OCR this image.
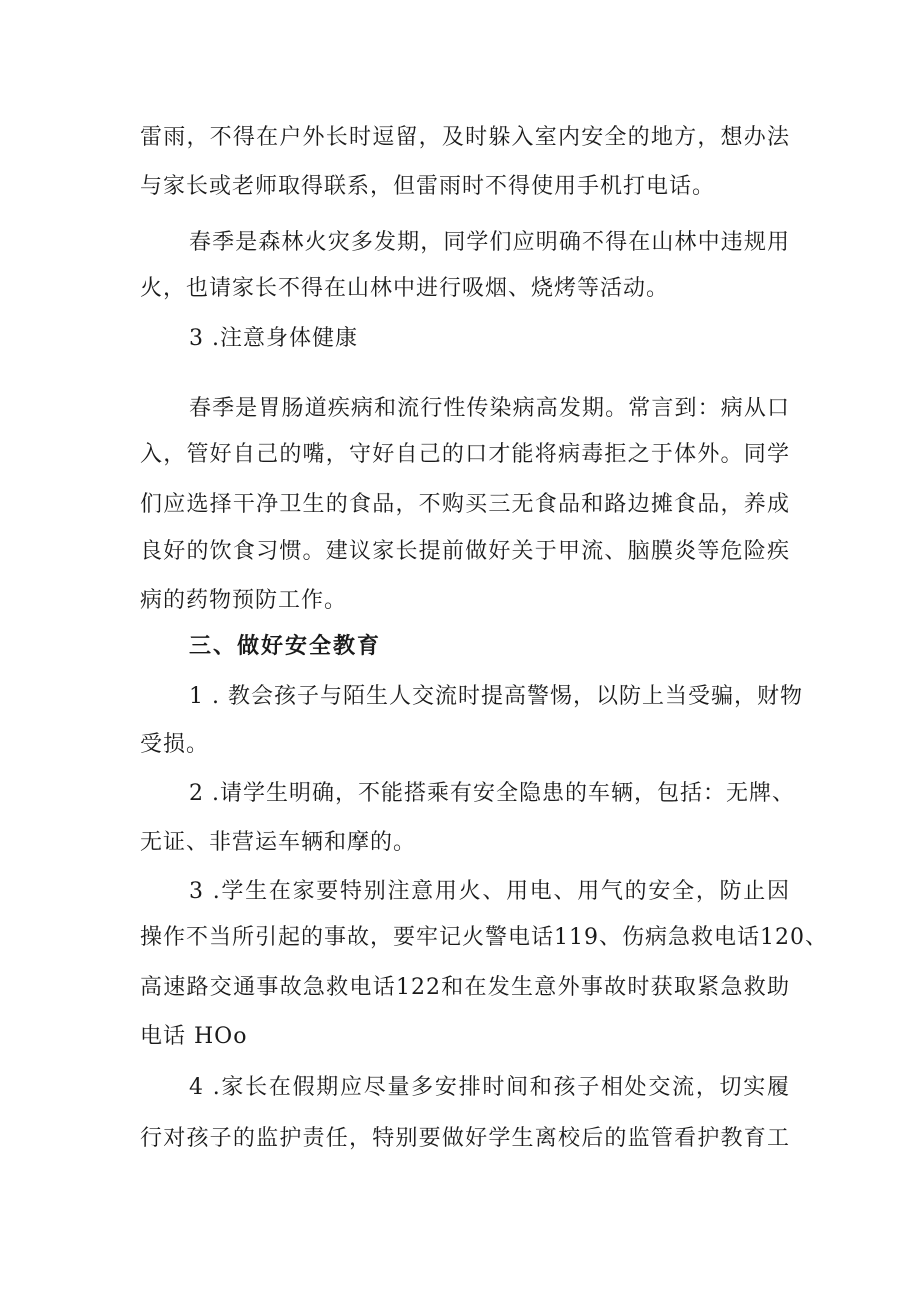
雷雨，不得在户外长时逗留，及时躲入室内安全的地方，想办法
与家长或老师取得联系，但雷雨时不得使用手机打电话。
春季是森林火灾多发期，同学们应明确不得在山林中违规用
火，也请家长不得在山林中进行吸烟、烧烤等活动。
3 .注意身体健康
春季是胃肠道疾病和流行性传染病高发期。常言到：病从口
入，管好自己的嘴，守好自己的口才能将病毒拒之于体外。同学
们应选择干净卫生的食品，不购买三无食品和路边摊食品，养成
良好的饮食习惯。建议家长提前做好关于甲流、脑膜炎等危险疾
病的药物预防工作。
三、做好安全教育
1 . 教会孩子与陌生人交流时提高警惕，以防上当受骗，财物
受损。
2 .请学生明确，不能搭乘有安全隐患的车辆，包括：无牌、
无证、非营运车辆和摩的。
3 .学生在家要特别注意用火、用电、用气的安全，防止因
操作不当所引起的事故，要牢记火警电话119、伤病急救电话120、
高速路交通事故急救电话122和在发生意外事故时获取紧急救助
电话 HOo
4 .家长在假期应尽量多安排时间和孩子相处交流，切实履
行对孩子的监护责任，特别要做好学生离校后的监管看护教育工
